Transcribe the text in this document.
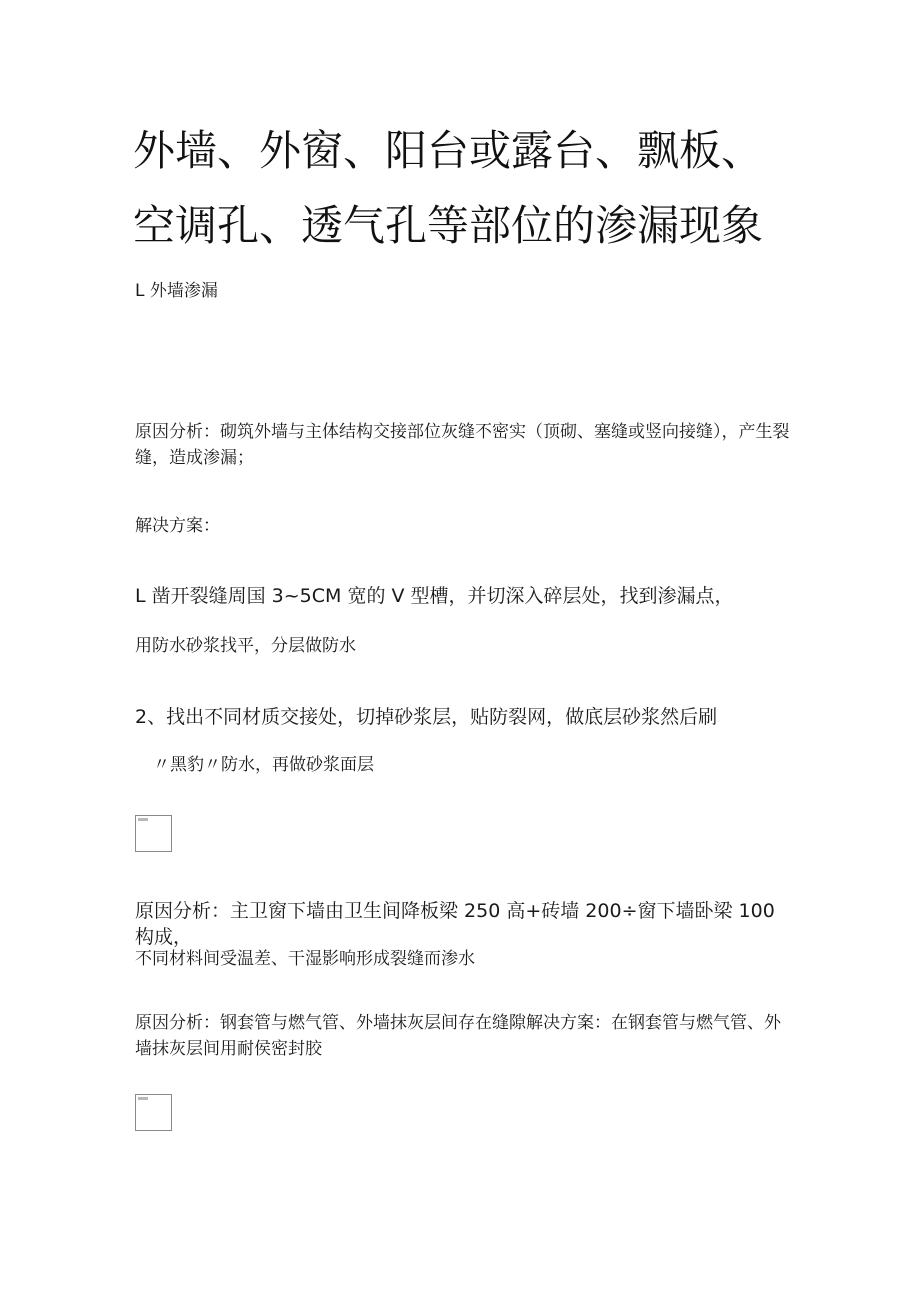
外墙、外窗、阳台或露台、飘板、
空调孔、透气孔等部位的渗漏现象
L 外墙渗漏
原因分析：砌筑外墙与主体结构交接部位灰缝不密实（顶砌、塞缝或竖向接缝），产生裂缝，造成渗漏；
解决方案：
L 凿开裂缝周国 3~5CM 宽的 V 型槽，并切深入碎层处，找到渗漏点，
用防水砂浆找平，分层做防水
2、找出不同材质交接处，切掉砂浆层，贴防裂网，做底层砂浆然后刷
〃黑豹〃防水，再做砂浆面层
原因分析：主卫窗下墙由卫生间降板梁 250 高+砖墙 200÷窗下墙卧梁 100 构成，
不同材料间受温差、干湿影响形成裂缝而渗水
原因分析：钢套管与燃气管、外墙抹灰层间存在缝隙解决方案：在钢套管与燃气管、外墙抹灰层间用耐侯密封胶
